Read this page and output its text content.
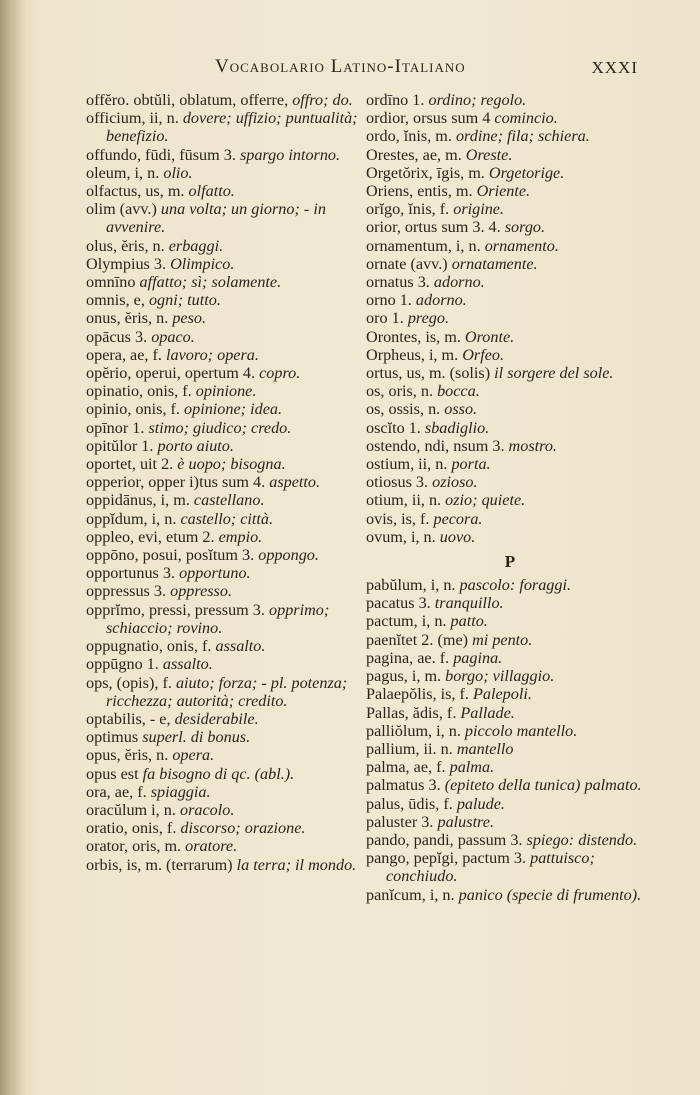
Vocabolario Latino-Italiano	XXXI

offĕro. obtŭli, oblatum, offerre, offro; do.

officium, ii, n. dovere; uffizio; puntualità; benefizio.

offundo, fūdi, fūsum 3. spargo intorno.

oleum, i, n. olio.

olfactus, us, m. olfatto.

olim (avv.) una volta; un giorno; - in avvenire.

olus, ĕris, n. erbaggi.

Olympius 3. Olimpico.

omnīno affatto; sì; solamente.

omnis, e, ogni; tutto.

onus, ĕris, n. peso.

opācus 3. opaco.

opera, ae, f. lavoro; opera.

opĕrio, operui, opertum 4. copro.

opinatio, onis, f. opinione.

opinio, onis, f. opinione; idea.

opīnor 1. stimo; giudico; credo.

opitŭlor 1. porto aiuto.

oportet, uit 2. è uopo; bisogna.

opperior, opper i)tus sum 4. aspetto.

oppidānus, i, m. castellano.

oppĭdum, i, n. castello; città.

oppleo, evi, etum 2. empio.

oppōno, posui, posĭtum 3. oppongo.

opportunus 3. opportuno.

oppressus 3. oppresso.

opprĭmo, pressi, pressum 3. opprimo; schiaccio; rovino.

oppugnatio, onis, f. assalto.

oppūgno 1. assalto.

ops, (opis), f. aiuto; forza; - pl. potenza; ricchezza; autorità; credito.

optabilis, - e, desiderabile.

optimus superl. di bonus.

opus, ĕris, n. opera.

opus est fa bisogno di qc. (abl.).

ora, ae, f. spiaggia.

oracŭlum i, n. oracolo.

oratio, onis, f. discorso; orazione.

orator, oris, m. oratore.

orbis, is, m. (terrarum) la terra; il mondo.

ordīno 1. ordino; regolo.

ordior, orsus sum 4 comincio.

ordo, ĭnis, m. ordine; fila; schiera.

Orestes, ae, m. Oreste.

Orgetŏrix, īgis, m. Orgetorige.

Oriens, entis, m. Oriente.

orĭgo, ĭnis, f. origine.

orior, ortus sum 3. 4. sorgo.

ornamentum, i, n. ornamento.

ornate (avv.) ornatamente.

ornatus 3. adorno.

orno 1. adorno.

oro 1. prego.

Orontes, is, m. Oronte.

Orpheus, i, m. Orfeo.

ortus, us, m. (solis) il sorgere del sole.

os, oris, n. bocca.

os, ossis, n. osso.

oscĭto 1. sbadiglio.

ostendo, ndi, nsum 3. mostro.

ostium, ii, n. porta.

otiosus 3. ozioso.

otium, ii, n. ozio; quiete.

ovis, is, f. pecora.

ovum, i, n. uovo.

P

pabŭlum, i, n. pascolo: foraggi.

pacatus 3. tranquillo.

pactum, i, n. patto.

paenĭtet 2. (me) mi pento.

pagina, ae. f. pagina.

pagus, i, m. borgo; villaggio.

Palaepŏlis, is, f. Palepoli.

Pallas, ădis, f. Pallade.

palliŏlum, i, n. piccolo mantello.

pallium, ii. n. mantello

palma, ae, f. palma.

palmatus 3. (epiteto della tunica) palmato.

palus, ūdis, f. palude.

paluster 3. palustre.

pando, pandi, passum 3. spiego: distendo.

pango, pepĭgi, pactum 3. pattuisco; conchiudo.

panĭcum, i, n. panico (specie di frumento).
